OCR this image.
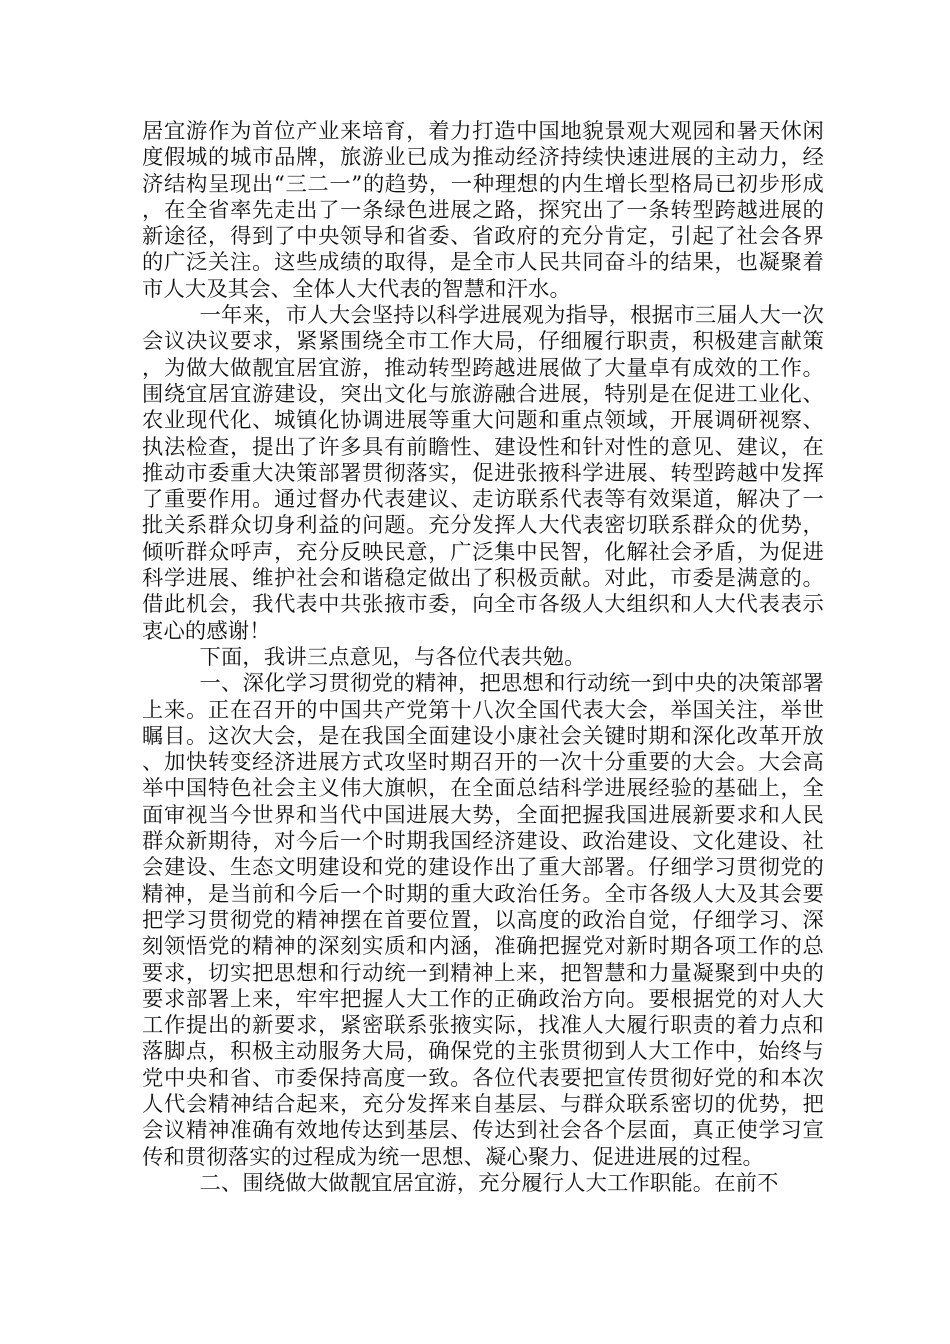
居宜游作为首位产业来培育，着力打造中国地貌景观大观园和暑天休闲度假城的城市品牌，旅游业已成为推动经济持续快速进展的主动力，经济结构呈现出“三二一”的趋势，一种理想的内生增长型格局已初步形成，在全省率先走出了一条绿色进展之路，探究出了一条转型跨越进展的新途径，得到了中央领导和省委、省政府的充分肯定，引起了社会各界的广泛关注。这些成绩的取得，是全市人民共同奋斗的结果，也凝聚着市人大及其会、全体人大代表的智慧和汗水。

一年来，市人大会坚持以科学进展观为指导，根据市三届人大一次会议决议要求，紧紧围绕全市工作大局，仔细履行职责，积极建言献策，为做大做靓宜居宜游，推动转型跨越进展做了大量卓有成效的工作。围绕宜居宜游建设，突出文化与旅游融合进展，特别是在促进工业化、农业现代化、城镇化协调进展等重大问题和重点领域，开展调研视察、执法检查，提出了许多具有前瞻性、建设性和针对性的意见、建议，在推动市委重大决策部署贯彻落实，促进张掖科学进展、转型跨越中发挥了重要作用。通过督办代表建议、走访联系代表等有效渠道，解决了一批关系群众切身利益的问题。充分发挥人大代表密切联系群众的优势，倾听群众呼声，充分反映民意，广泛集中民智，化解社会矛盾，为促进科学进展、维护社会和谐稳定做出了积极贡献。对此，市委是满意的。借此机会，我代表中共张掖市委，向全市各级人大组织和人大代表表示衷心的感谢！

下面，我讲三点意见，与各位代表共勉。

一、深化学习贯彻党的精神，把思想和行动统一到中央的决策部署上来。正在召开的中国共产党第十八次全国代表大会，举国关注，举世瞩目。这次大会，是在我国全面建设小康社会关键时期和深化改革开放、加快转变经济进展方式攻坚时期召开的一次十分重要的大会。大会高举中国特色社会主义伟大旗帜，在全面总结科学进展经验的基础上，全面审视当今世界和当代中国进展大势，全面把握我国进展新要求和人民群众新期待，对今后一个时期我国经济建设、政治建设、文化建设、社会建设、生态文明建设和党的建设作出了重大部署。仔细学习贯彻党的精神，是当前和今后一个时期的重大政治任务。全市各级人大及其会要把学习贯彻党的精神摆在首要位置，以高度的政治自觉，仔细学习、深刻领悟党的精神的深刻实质和内涵，准确把握党对新时期各项工作的总要求，切实把思想和行动统一到精神上来，把智慧和力量凝聚到中央的要求部署上来，牢牢把握人大工作的正确政治方向。要根据党的对人大工作提出的新要求，紧密联系张掖实际，找准人大履行职责的着力点和落脚点，积极主动服务大局，确保党的主张贯彻到人大工作中，始终与党中央和省、市委保持高度一致。各位代表要把宣传贯彻好党的和本次人代会精神结合起来，充分发挥来自基层、与群众联系密切的优势，把会议精神准确有效地传达到基层、传达到社会各个层面，真正使学习宣传和贯彻落实的过程成为统一思想、凝心聚力、促进进展的过程。

二、围绕做大做靓宜居宜游，充分履行人大工作职能。在前不
